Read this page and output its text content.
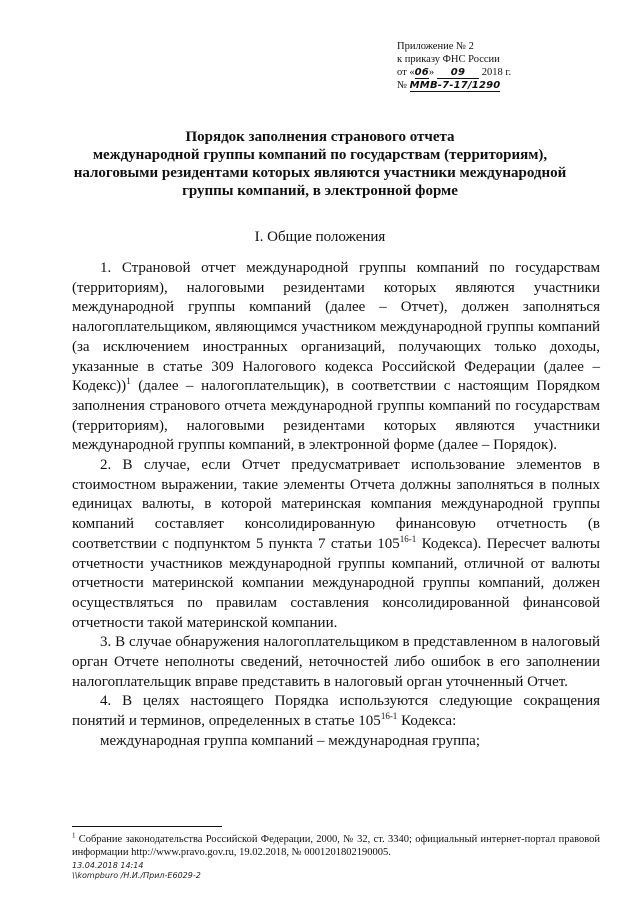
Приложение № 2
к приказу ФНС России
от «06» 09 2018 г.
№ ММВ-7-17/1290
Порядок заполнения странового отчета
международной группы компаний по государствам (территориям),
налоговыми резидентами которых являются участники международной
группы компаний, в электронной форме
I. Общие положения

1. Страновой отчет международной группы компаний по государствам (территориям), налоговыми резидентами которых являются участники международной группы компаний (далее – Отчет), должен заполняться налогоплательщиком, являющимся участником международной группы компаний (за исключением иностранных организаций, получающих только доходы, указанные в статье 309 Налогового кодекса Российской Федерации (далее – Кодекс))$^1$ (далее – налогоплательщик), в соответствии с настоящим Порядком заполнения странового отчета международной группы компаний по государствам (территориям), налоговыми резидентами которых являются участники международной группы компаний, в электронной форме (далее – Порядок).

2. В случае, если Отчет предусматривает использование элементов в стоимостном выражении, такие элементы Отчета должны заполняться в полных единицах валюты, в которой материнская компания международной группы компаний составляет консолидированную финансовую отчетность (в соответствии с подпунктом 5 пункта 7 статьи 105$^{16-1}$ Кодекса). Пересчет валюты отчетности участников международной группы компаний, отличной от валюты отчетности материнской компании международной группы компаний, должен осуществляться по правилам составления консолидированной финансовой отчетности такой материнской компании.

3. В случае обнаружения налогоплательщиком в представленном в налоговый орган Отчете неполноты сведений, неточностей либо ошибок в его заполнении налогоплательщик вправе представить в налоговый орган уточненный Отчет.

4. В целях настоящего Порядка используются следующие сокращения понятий и терминов, определенных в статье 105$^{16-1}$ Кодекса:

международная группа компаний – международная группа;

$^1$ Собрание законодательства Российской Федерации, 2000, № 32, ст. 3340; официальный интернет-портал правовой информации http://www.pravo.gov.ru, 19.02.2018, № 0001201802190005.
13.04.2018 14:14
\\kompburo /Н.И./Прил-E6029-2
